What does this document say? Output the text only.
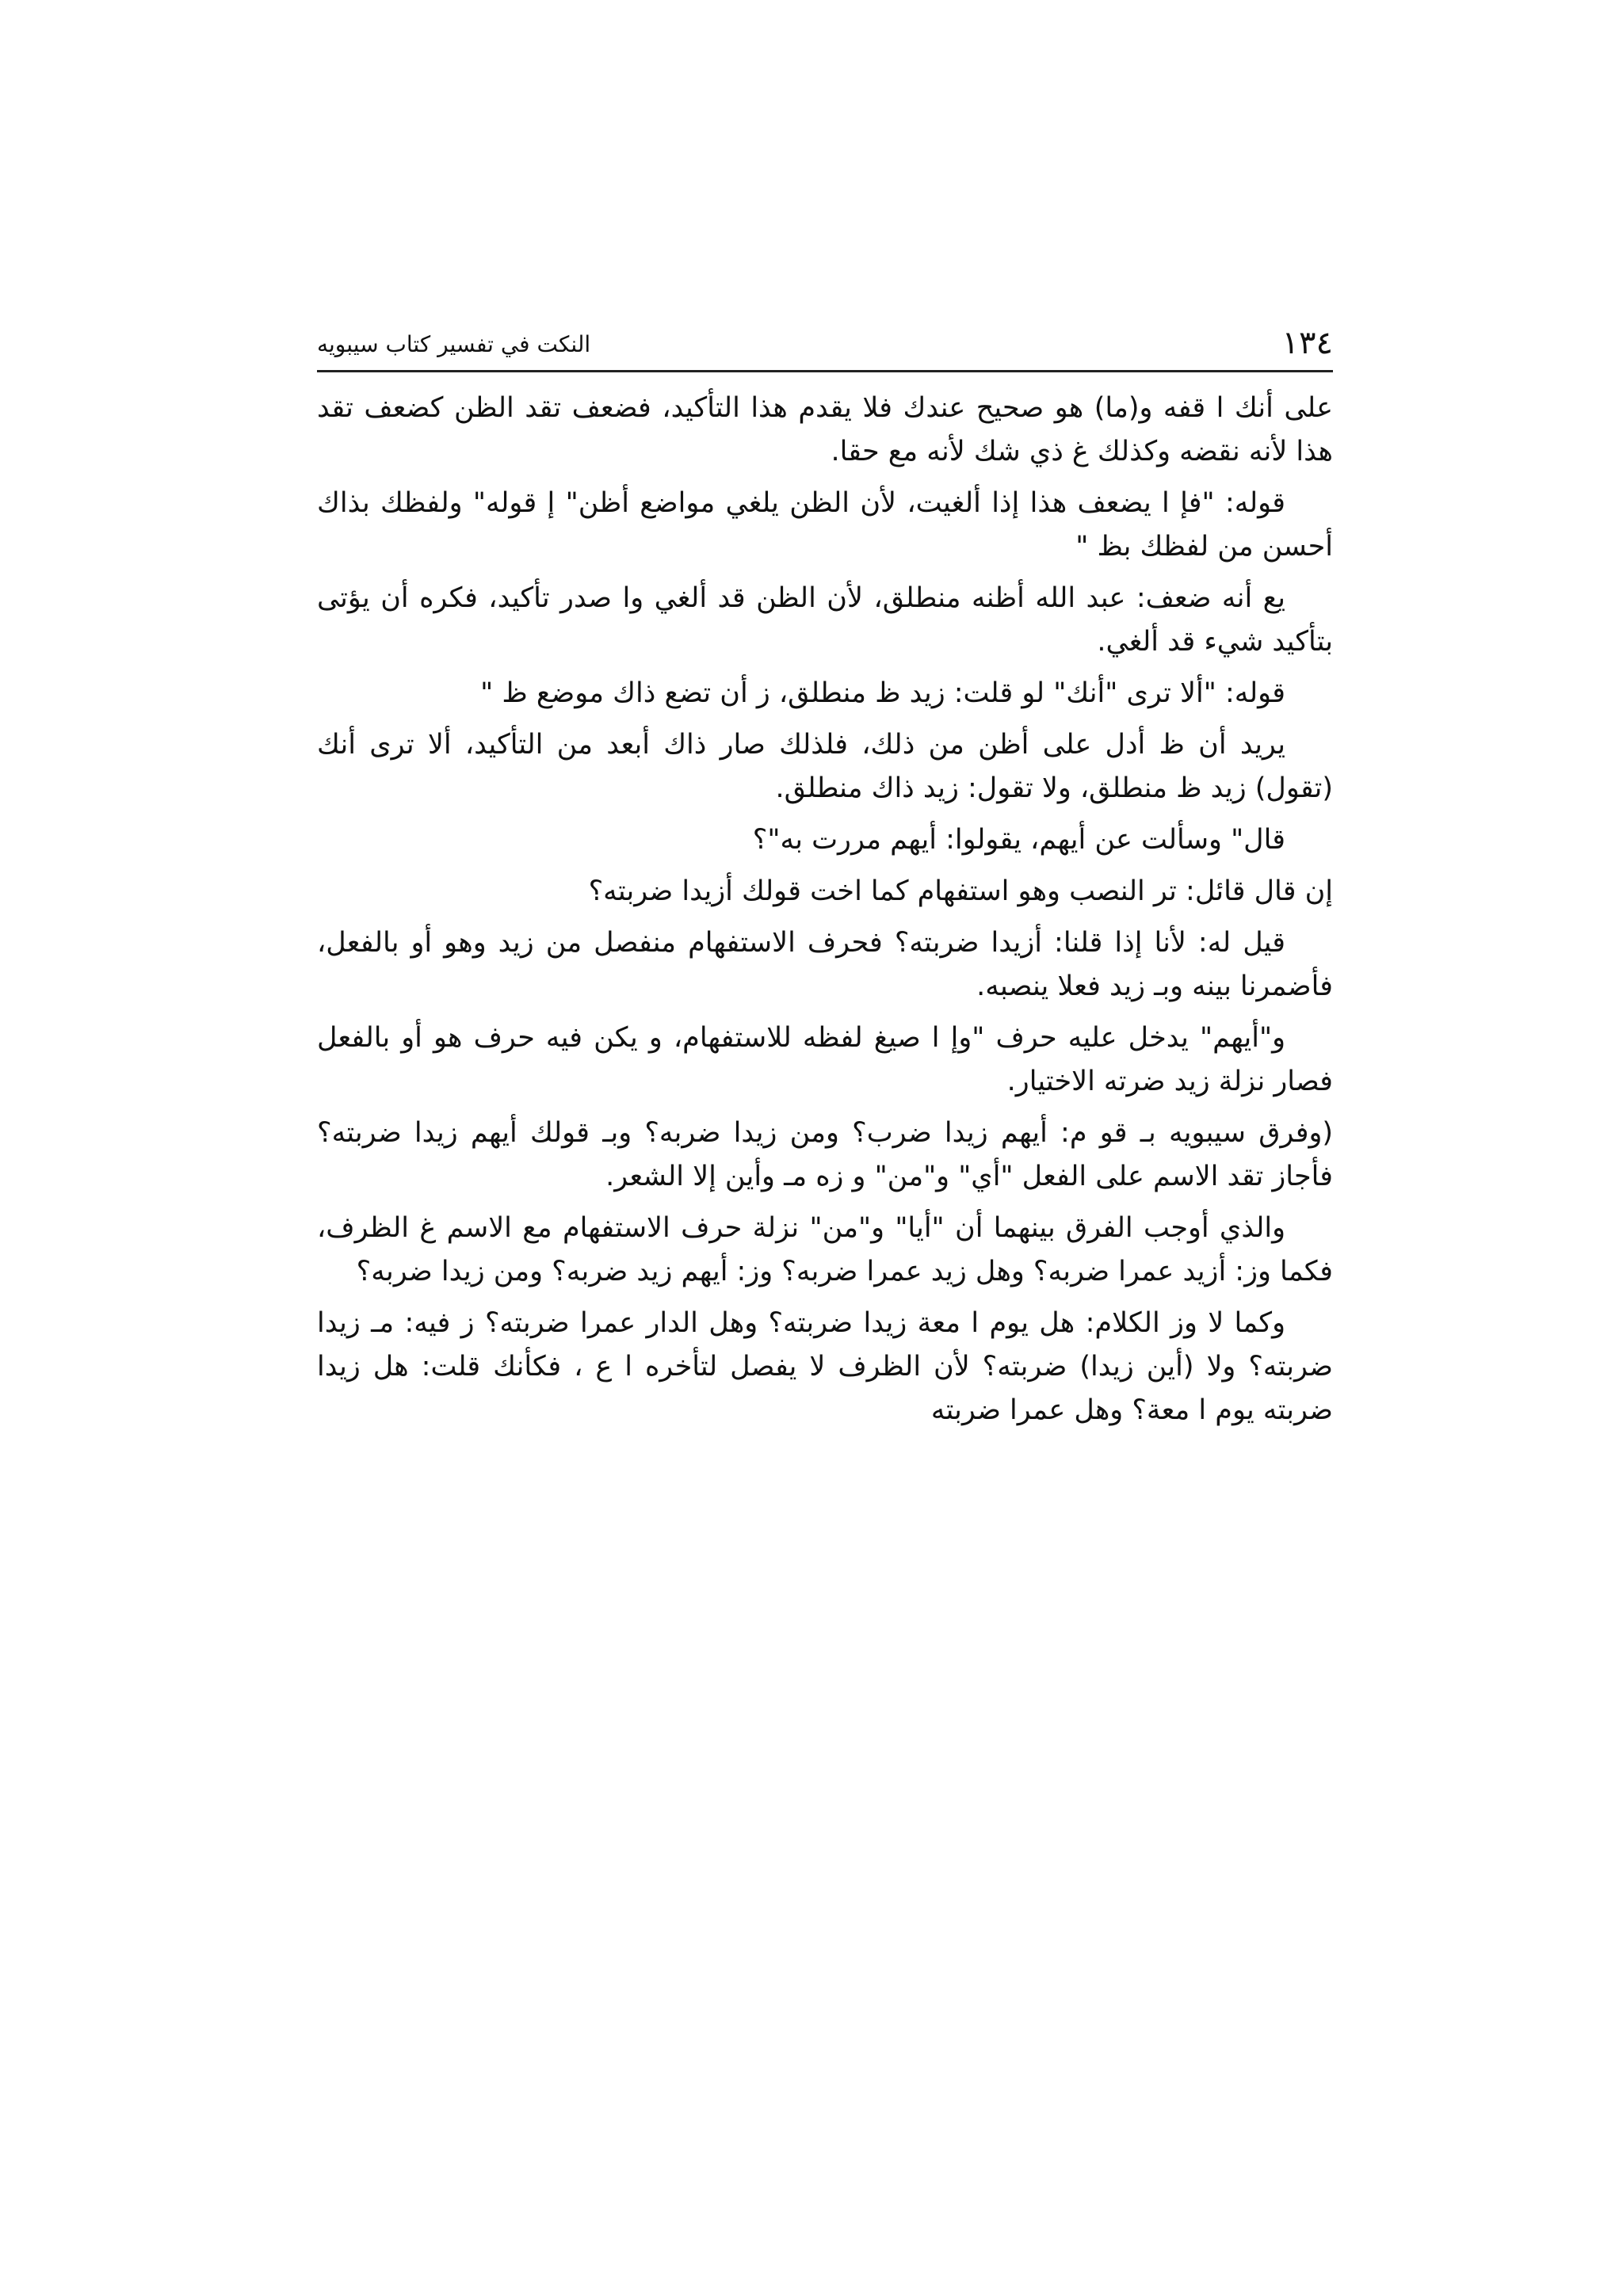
١٣٤
النكت في تفسير كتاب سيبويه

على أنك ا قفه و(ما) هو صحيح عندك فلا يقدم هذا التأكيد، فضعف تقد الظن كضعف تقد هذا لأنه نقضه وكذلك غ ذي شك لأنه مع حقا.

قوله: "فإ ا يضعف هذا إذا ألغيت، لأن الظن يلغي مواضع أظن" إ قوله" ولفظك بذاك أحسن من لفظك بظ "

يع أنه ضعف: عبد الله أظنه منطلق، لأن الظن قد ألغي وا صدر تأكيد، فكره أن يؤتى بتأكيد شيء قد ألغي.

قوله: "ألا ترى "أنك" لو قلت: زيد ظ منطلق، ز أن تضع ذاك موضع ظ "

يريد أن ظ أدل على أظن من ذلك، فلذلك صار ذاك أبعد من التأكيد، ألا ترى أنك (تقول) زيد ظ منطلق، ولا تقول: زيد ذاك منطلق.

قال" وسألت عن أيهم، يقولوا: أيهم مررت به"؟

إن قال قائل: تر النصب وهو استفهام كما اخت قولك أزيدا ضربته؟

قيل له: لأنا إذا قلنا: أزيدا ضربته؟ فحرف الاستفهام منفصل من زيد وهو أو بالفعل، فأضمرنا بينه وبـ زيد فعلا ينصبه.

و"أيهم" يدخل عليه حرف "وإ ا صيغ لفظه للاستفهام، و يكن فيه حرف هو أو بالفعل فصار نزلة زيد ضرته الاختيار.

(وفرق سيبويه بـ قو م: أيهم زيدا ضرب؟ ومن زيدا ضربه؟ وبـ قولك أيهم زيدا ضربته؟ فأجاز تقد الاسم على الفعل "أي" و"من" و زه مـ وأين إلا الشعر.

والذي أوجب الفرق بينهما أن "أيا" و"من" نزلة حرف الاستفهام مع الاسم غ الظرف، فكما وز: أزيد عمرا ضربه؟ وهل زيد عمرا ضربه؟ وز: أيهم زيد ضربه؟ ومن زيدا ضربه؟

وكما لا وز الكلام: هل يوم ا معة زيدا ضربته؟ وهل الدار عمرا ضربته؟ ز فيه: مـ زيدا ضربته؟ ولا (أين زيدا) ضربته؟ لأن الظرف لا يفصل لتأخره ا ع ، فكأنك قلت: هل زيدا ضربته يوم ا معة؟ وهل عمرا ضربته
